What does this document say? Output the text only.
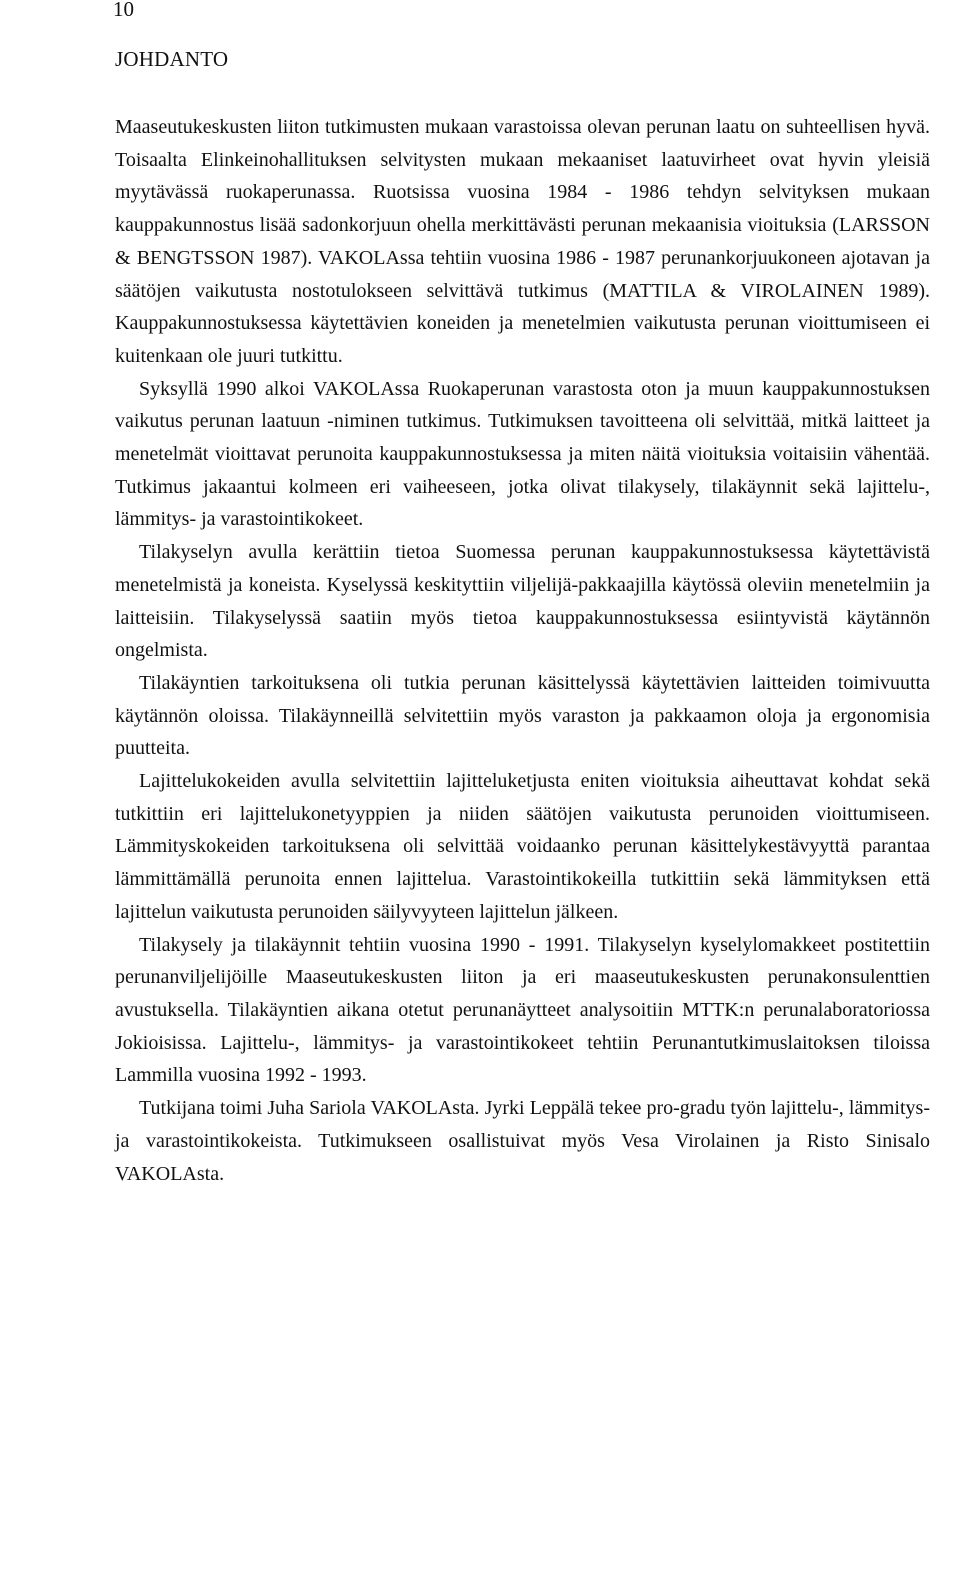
10
JOHDANTO

Maaseutukeskusten liiton tutkimusten mukaan varastoissa olevan perunan laatu on suhteellisen hyvä. Toisaalta Elinkeinohallituksen selvitysten mukaan mekaaniset laatuvirheet ovat hyvin yleisiä myytävässä ruokaperunassa. Ruotsissa vuosina 1984 - 1986 tehdyn selvityksen mukaan kauppakunnostus lisää sadonkorjuun ohella merkittävästi perunan mekaanisia vioituksia (LARSSON & BENGTSSON 1987). VAKOLAssa tehtiin vuosina 1986 - 1987 perunankorjuukoneen ajotavan ja säätöjen vaikutusta nostotulokseen selvittävä tutkimus (MATTILA & VIROLAINEN 1989). Kauppakunnostuksessa käytettävien koneiden ja menetelmien vaikutusta perunan vioittumiseen ei kuitenkaan ole juuri tutkittu.

Syksyllä 1990 alkoi VAKOLAssa Ruokaperunan varastosta oton ja muun kauppakunnostuksen vaikutus perunan laatuun -niminen tutkimus. Tutkimuksen tavoitteena oli selvittää, mitkä laitteet ja menetelmät vioittavat perunoita kauppakunnostuksessa ja miten näitä vioituksia voitaisiin vähentää. Tutkimus jakaantui kolmeen eri vaiheeseen, jotka olivat tilakysely, tilakäynnit sekä lajittelu-, lämmitys- ja varastointikokeet.

Tilakyselyn avulla kerättiin tietoa Suomessa perunan kauppakunnostuksessa käytettävistä menetelmistä ja koneista. Kyselyssä keskityttiin viljelijä-pakkaajilla käytössä oleviin menetelmiin ja laitteisiin. Tilakyselyssä saatiin myös tietoa kauppakunnostuksessa esiintyvistä käytännön ongelmista.

Tilakäyntien tarkoituksena oli tutkia perunan käsittelyssä käytettävien laitteiden toimivuutta käytännön oloissa. Tilakäynneillä selvitettiin myös varaston ja pakkaamon oloja ja ergonomisia puutteita.

Lajittelukokeiden avulla selvitettiin lajitteluketjusta eniten vioituksia aiheuttavat kohdat sekä tutkittiin eri lajittelukonetyyppien ja niiden säätöjen vaikutusta perunoiden vioittumiseen. Lämmityskokeiden tarkoituksena oli selvittää voidaanko perunan käsittelykestävyyttä parantaa lämmittämällä perunoita ennen lajittelua. Varastointikokeilla tutkittiin sekä lämmityksen että lajittelun vaikutusta perunoiden säilyvyyteen lajittelun jälkeen.

Tilakysely ja tilakäynnit tehtiin vuosina 1990 - 1991. Tilakyselyn kyselylomakkeet postitettiin perunanviljelijöille Maaseutukeskusten liiton ja eri maaseutukeskusten perunakonsulenttien avustuksella. Tilakäyntien aikana otetut perunanäytteet analysoitiin MTTK:n perunalaboratoriossa Jokioisissa. Lajittelu-, lämmitys- ja varastointikokeet tehtiin Perunantutkimuslaitoksen tiloissa Lammilla vuosina 1992 - 1993.

Tutkijana toimi Juha Sariola VAKOLAsta. Jyrki Leppälä tekee pro-gradu työn lajittelu-, lämmitys- ja varastointikokeista. Tutkimukseen osallistuivat myös Vesa Virolainen ja Risto Sinisalo VAKOLAsta.
